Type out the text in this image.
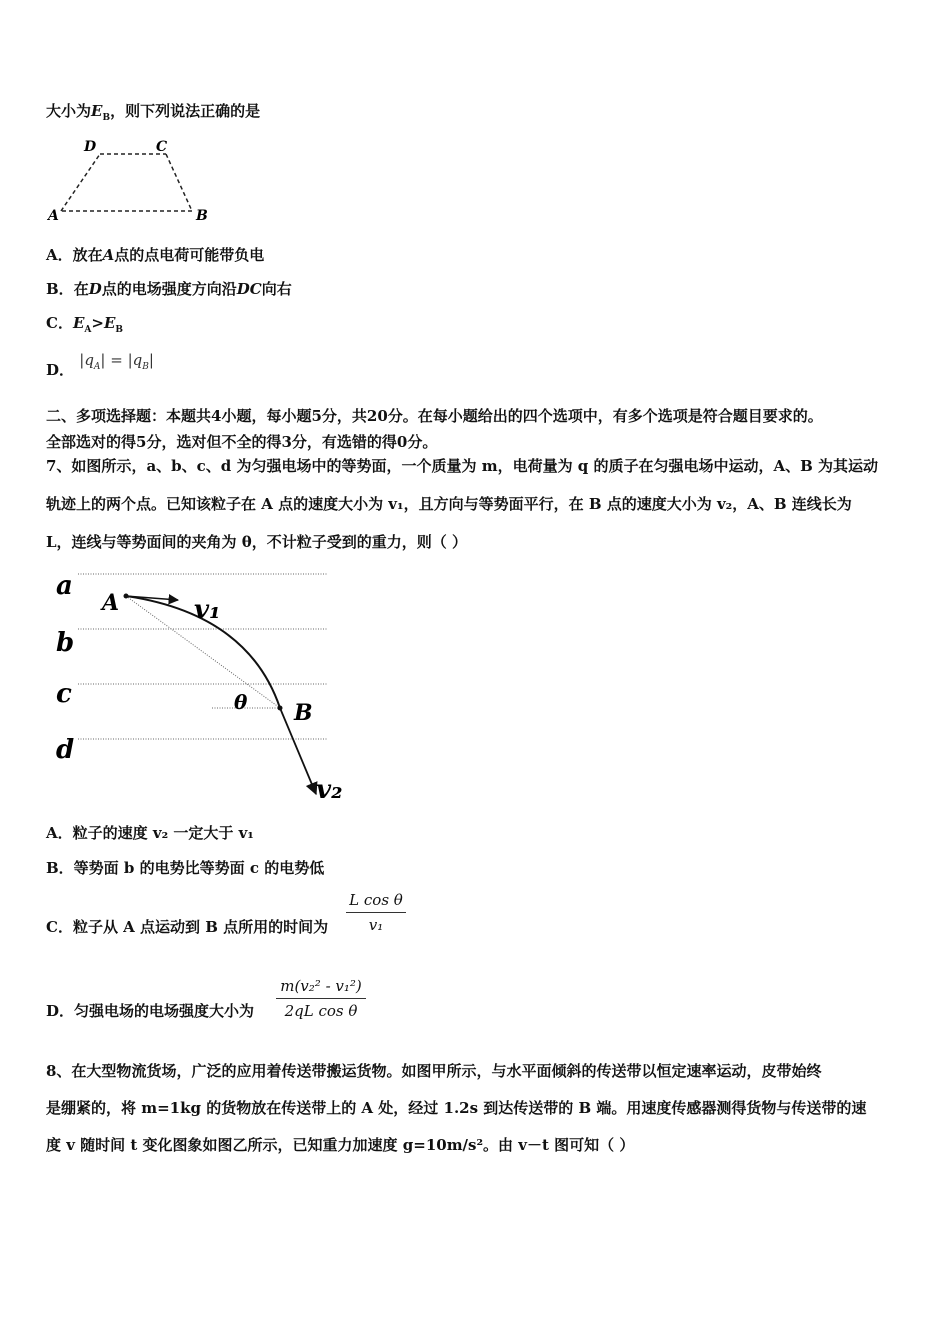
大小为$E_B$，则下列说法正确的是
D	C
A	B
A．放在A点的点电荷可能带负电
B．在D点的电场强度方向沿DC向右
C．$E_A>E_B$
D． $|q_A| = |q_B|$
二、多项选择题：本题共4小题，每小题5分，共20分。在每小题给出的四个选项中，有多个选项是符合题目要求的。
全部选对的得5分，选对但不全的得3分，有选错的得0分。
7、如图所示，a、b、c、d 为匀强电场中的等势面，一个质量为 m，电荷量为 q 的质子在匀强电场中运动，A、B 为其运动
轨迹上的两个点。已知该粒子在 A 点的速度大小为 v₁，且方向与等势面平行，在 B 点的速度大小为 v₂，A、B 连线长为
L，连线与等势面间的夹角为 θ，不计粒子受到的重力，则（ ）
a
b
c
d
A
B
v₁
v₂
θ
A．粒子的速度 v₂ 一定大于 v₁
B．等势面 b 的电势比等势面 c 的电势低
C．粒子从 A 点运动到 B 点所用的时间为
L cos θ
v₁
D．匀强电场的电场强度大小为
m(v₂² - v₁²)
2qL cos θ
8、在大型物流货场，广泛的应用着传送带搬运货物。如图甲所示，与水平面倾斜的传送带以恒定速率运动，皮带始终
是绷紧的，将 m=1kg 的货物放在传送带上的 A 处，经过 1.2s 到达传送带的 B 端。用速度传感器测得货物与传送带的速
度 v 随时间 t 变化图象如图乙所示，已知重力加速度 g=10m/s²。由 v－t 图可知（ ）
